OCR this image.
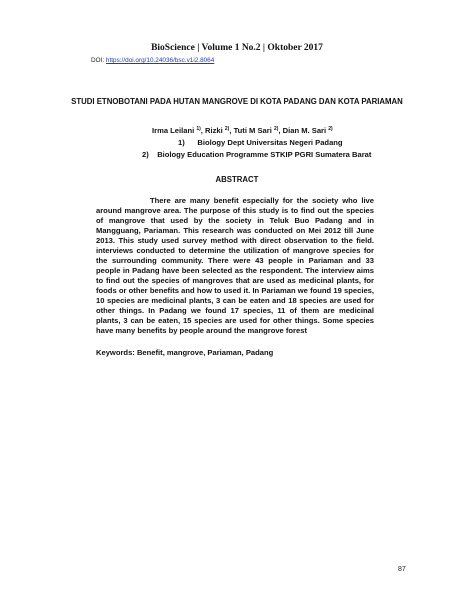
BioScience | Volume 1 No.2 | Oktober 2017
DOI: https://doi.org/10.24036/bsc.v1i2.8064
STUDI ETNOBOTANI PADA HUTAN MANGROVE DI KOTA PADANG DAN KOTA PARIAMAN
Irma Leilani $^{1)}$, Rizki $^{2)}$, Tuti M Sari $^{2)}$, Dian M. Sari $^{2)}$
1)      Biology Dept Universitas Negeri Padang
2)    Biology Education Programme STKIP PGRI Sumatera Barat
ABSTRACT
There are many benefit especially for the society who live around mangrove area. The purpose of this study is to find out the species of mangrove that used by the society in Teluk Buo Padang and in Mangguang, Pariaman. This research was conducted on Mei 2012 till June 2013. This study used survey method with direct observation to the field. interviews conducted to determine the utilization of mangrove species for the surrounding community. There were 43 people in Pariaman and 33 people in Padang have been selected as the respondent. The interview aims to find out the species of mangroves that are used as medicinal plants, for foods or other benefits and how to used it. In Pariaman we found 19 species, 10 species are medicinal plants, 3 can be eaten and 18 species are used for other things. In Padang we found 17 species, 11 of them are medicinal plants, 3 can be eaten, 15 species are used for other things. Some species have many benefits by people around the mangrove forest
Keywords: Benefit, mangrove, Pariaman, Padang
87
